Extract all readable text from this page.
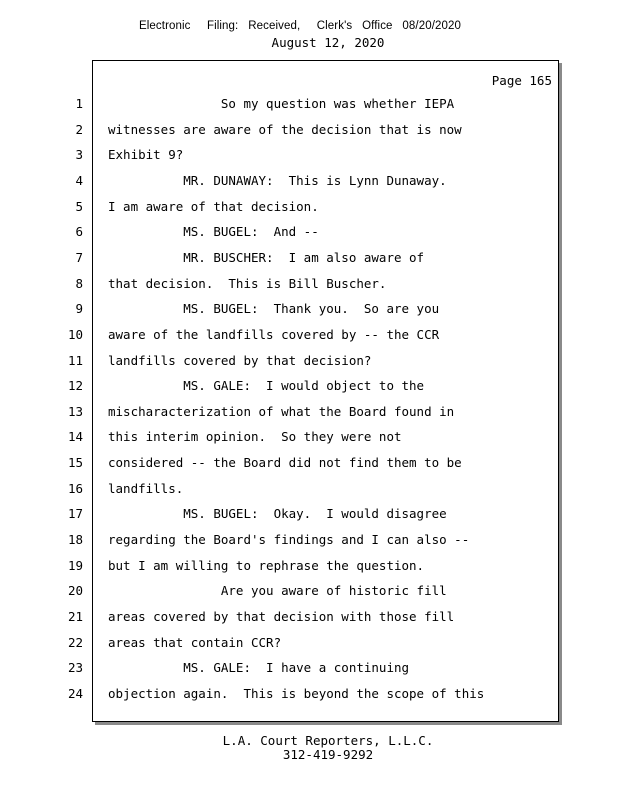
Electronic     Filing:   Received,     Clerk's   Office   08/20/2020
August 12, 2020
Page 165
1 So my question was whether IEPA
2 witnesses are aware of the decision that is now
3 Exhibit 9?
4 MR. DUNAWAY:  This is Lynn Dunaway.
5 I am aware of that decision.
6 MS. BUGEL:  And --
7 MR. BUSCHER:  I am also aware of
8 that decision.  This is Bill Buscher.
9 MS. BUGEL:  Thank you.  So are you
10 aware of the landfills covered by -- the CCR
11 landfills covered by that decision?
12 MS. GALE:  I would object to the
13 mischaracterization of what the Board found in
14 this interim opinion.  So they were not
15 considered -- the Board did not find them to be
16 landfills.
17 MS. BUGEL:  Okay.  I would disagree
18 regarding the Board's findings and I can also --
19 but I am willing to rephrase the question.
20 Are you aware of historic fill
21 areas covered by that decision with those fill
22 areas that contain CCR?
23 MS. GALE:  I have a continuing
24 objection again.  This is beyond the scope of this
L.A. Court Reporters, L.L.C.
312-419-9292
